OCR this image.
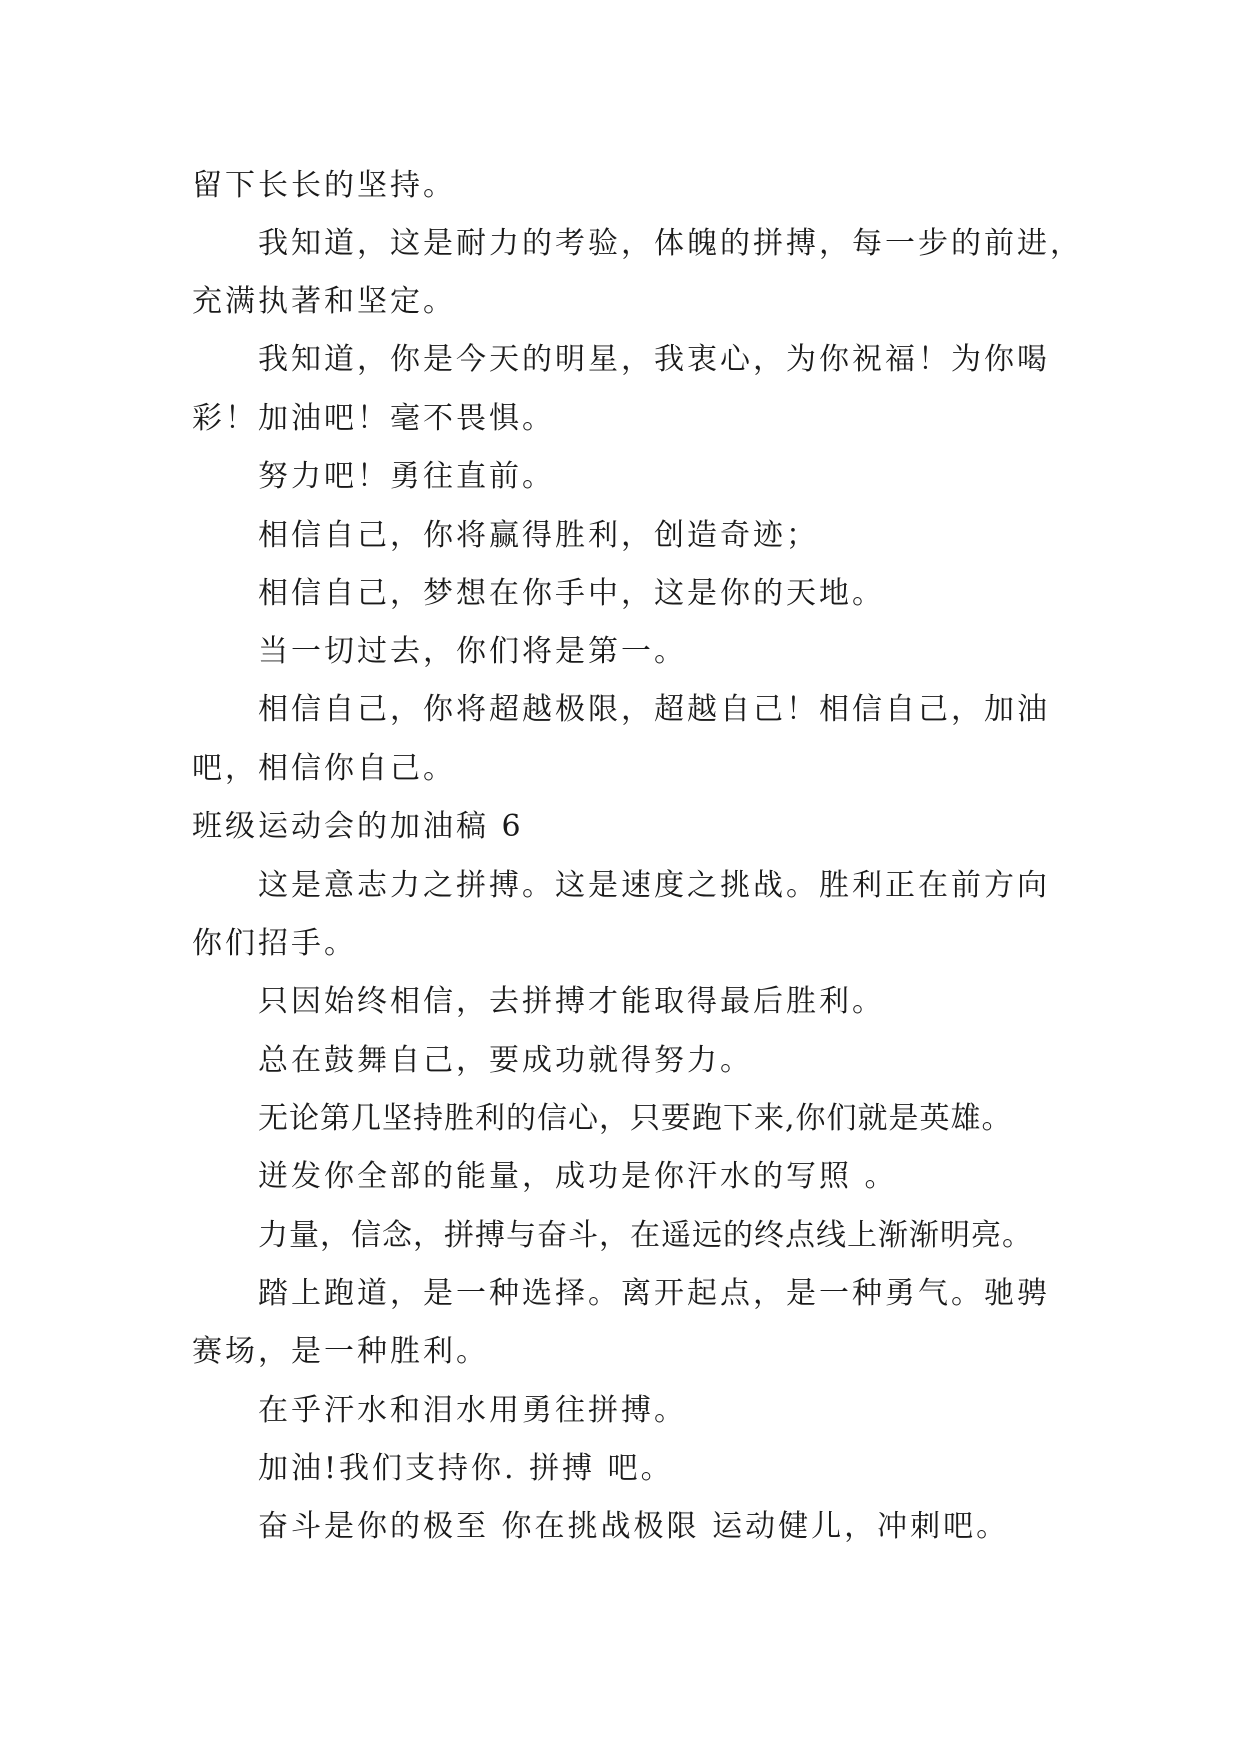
留下长长的坚持。

我知道，这是耐力的考验，体魄的拼搏，每一步的前进，

充满执著和坚定。

我知道，你是今天的明星，我衷心，为你祝福！为你喝

彩！加油吧！毫不畏惧。

努力吧！勇往直前。

相信自己，你将赢得胜利，创造奇迹；

相信自己，梦想在你手中，这是你的天地。

当一切过去，你们将是第一。

相信自己，你将超越极限，超越自己！相信自己，加油

吧，相信你自己。

班级运动会的加油稿 6

这是意志力之拼搏。这是速度之挑战。胜利正在前方向

你们招手。

只因始终相信，去拼搏才能取得最后胜利。

总在鼓舞自己，要成功就得努力。

无论第几坚持胜利的信心，只要跑下来,你们就是英雄。

迸发你全部的能量，成功是你汗水的写照 。

力量，信念，拼搏与奋斗，在遥远的终点线上渐渐明亮。

踏上跑道，是一种选择。离开起点，是一种勇气。驰骋

赛场，是一种胜利。

在乎汗水和泪水用勇往拼搏。

加油!我们支持你. 拼搏 吧。

奋斗是你的极至 你在挑战极限 运动健儿，冲刺吧。
